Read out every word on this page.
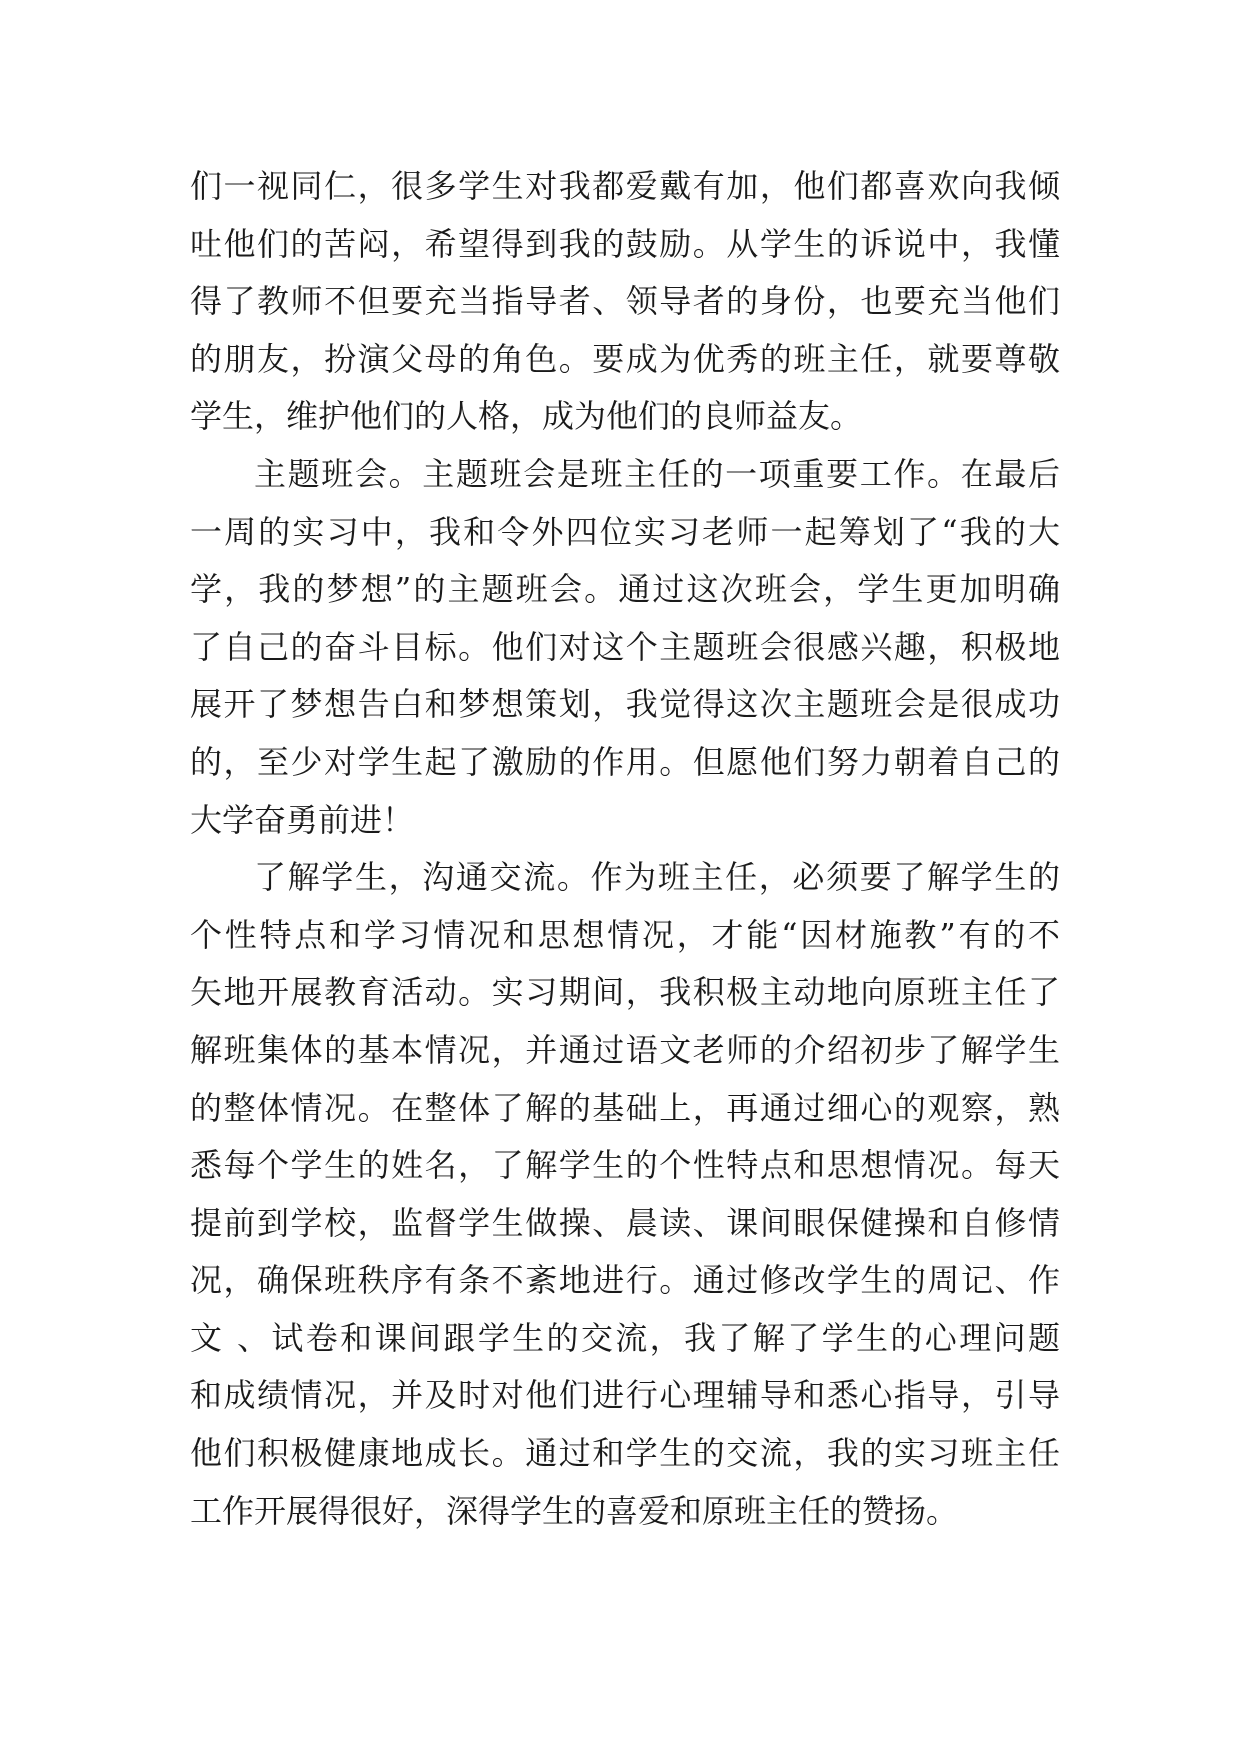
们一视同仁，很多学生对我都爱戴有加，他们都喜欢向我倾
吐他们的苦闷，希望得到我的鼓励。从学生的诉说中，我懂
得了教师不但要充当指导者、领导者的身份，也要充当他们
的朋友，扮演父母的角色。要成为优秀的班主任，就要尊敬
学生，维护他们的人格，成为他们的良师益友。
主题班会。主题班会是班主任的一项重要工作。在最后
一周的实习中，我和令外四位实习老师一起筹划了“我的大
学，我的梦想”的主题班会。通过这次班会，学生更加明确
了自己的奋斗目标。他们对这个主题班会很感兴趣，积极地
展开了梦想告白和梦想策划，我觉得这次主题班会是很成功
的，至少对学生起了激励的作用。但愿他们努力朝着自己的
大学奋勇前进！
了解学生，沟通交流。作为班主任，必须要了解学生的
个性特点和学习情况和思想情况，才能“因材施教”有的不
矢地开展教育活动。实习期间，我积极主动地向原班主任了
解班集体的基本情况，并通过语文老师的介绍初步了解学生
的整体情况。在整体了解的基础上，再通过细心的观察，熟
悉每个学生的姓名，了解学生的个性特点和思想情况。每天
提前到学校，监督学生做操、晨读、课间眼保健操和自修情
况，确保班秩序有条不紊地进行。通过修改学生的周记、作
文 、试卷和课间跟学生的交流，我了解了学生的心理问题
和成绩情况，并及时对他们进行心理辅导和悉心指导，引导
他们积极健康地成长。通过和学生的交流，我的实习班主任
工作开展得很好，深得学生的喜爱和原班主任的赞扬。
